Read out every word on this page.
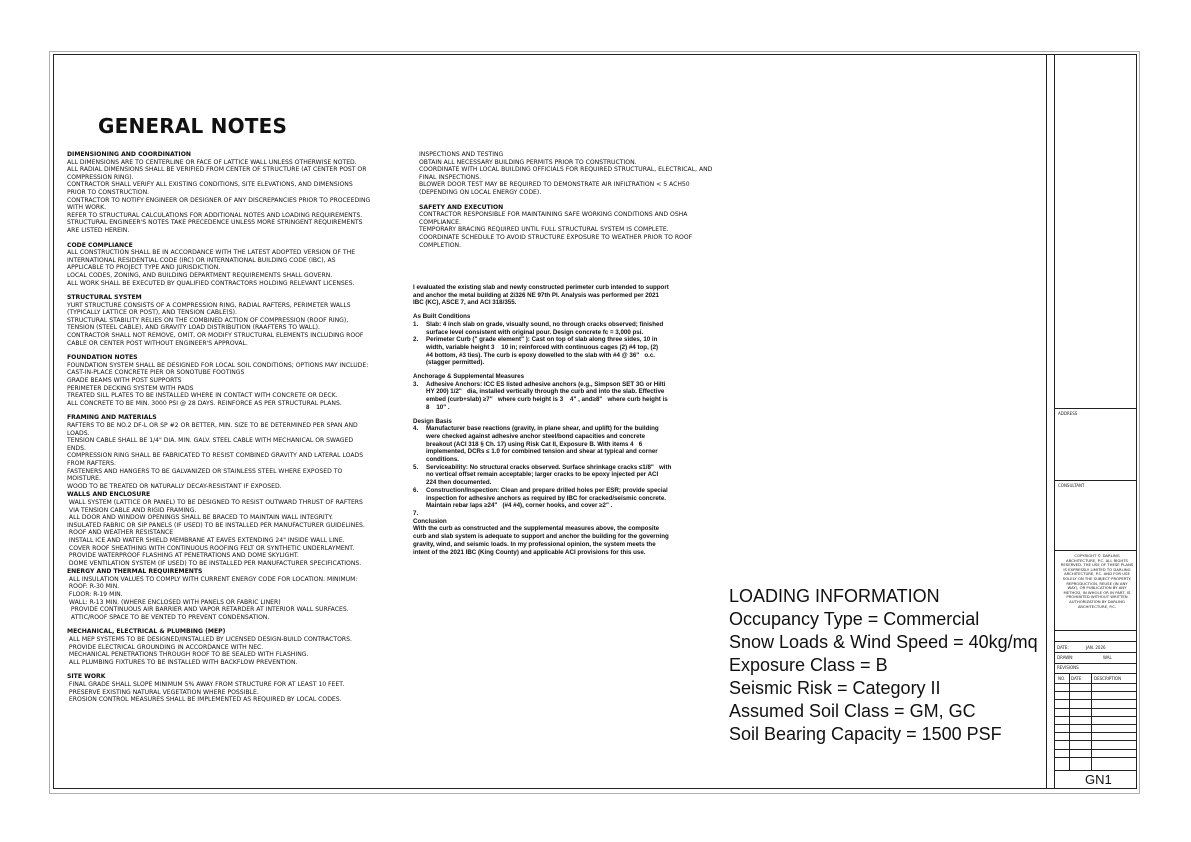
GENERAL NOTES
DIMENSIONING AND COORDINATION
ALL DIMENSIONS ARE TO CENTERLINE OR FACE OF LATTICE WALL UNLESS OTHERWISE NOTED.
ALL RADIAL DIMENSIONS SHALL BE VERIFIED FROM CENTER OF STRUCTURE (AT CENTER POST OR
COMPRESSION RING).
CONTRACTOR SHALL VERIFY ALL EXISTING CONDITIONS, SITE ELEVATIONS, AND DIMENSIONS
PRIOR TO CONSTRUCTION.
CONTRACTOR TO NOTIFY ENGINEER OR DESIGNER OF ANY DISCREPANCIES PRIOR TO PROCEEDING
WITH WORK.
REFER TO STRUCTURAL CALCULATIONS FOR ADDITIONAL NOTES AND LOADING REQUIREMENTS.
STRUCTURAL ENGINEER'S NOTES TAKE PRECEDENCE UNLESS MORE STRINGENT REQUIREMENTS
ARE LISTED HEREIN.
CODE COMPLIANCE
ALL CONSTRUCTION SHALL BE IN ACCORDANCE WITH THE LATEST ADOPTED VERSION OF THE
INTERNATIONAL RESIDENTIAL CODE (IRC) OR INTERNATIONAL BUILDING CODE (IBC), AS
APPLICABLE TO PROJECT TYPE AND JURISDICTION.
LOCAL CODES, ZONING, AND BUILDING DEPARTMENT REQUIREMENTS SHALL GOVERN.
ALL WORK SHALL BE EXECUTED BY QUALIFIED CONTRACTORS HOLDING RELEVANT LICENSES.
STRUCTURAL SYSTEM
YURT STRUCTURE CONSISTS OF A COMPRESSION RING, RADIAL RAFTERS, PERIMETER WALLS
(TYPICALLY LATTICE OR POST), AND TENSION CABLE(S).
STRUCTURAL STABILITY RELIES ON THE COMBINED ACTION OF COMPRESSION (ROOF RING),
TENSION (STEEL CABLE), AND GRAVITY LOAD DISTRIBUTION (RAAFTERS TO WALL).
CONTRACTOR SHALL NOT REMOVE, OMIT, OR MODIFY STRUCTURAL ELEMENTS INCLUDING ROOF
CABLE OR CENTER POST WITHOUT ENGINEER'S APPROVAL.
FOUNDATION NOTES
FOUNDATION SYSTEM SHALL BE DESIGNED FOR LOCAL SOIL CONDITIONS; OPTIONS MAY INCLUDE:
CAST-IN-PLACE CONCRETE PIER OR SONOTUBE FOOTINGS
GRADE BEAMS WITH POST SUPPORTS
PERIMETER DECKING SYSTEM WITH PADS
TREATED SILL PLATES TO BE INSTALLED WHERE IN CONTACT WITH CONCRETE OR DECK.
ALL CONCRETE TO BE MIN. 3000 PSI @ 28 DAYS. REINFORCE AS PER STRUCTURAL PLANS.
FRAMING AND MATERIALS
RAFTERS TO BE NO.2 DF-L OR SP #2 OR BETTER, MIN. SIZE TO BE DETERMINED PER SPAN AND
LOADS.
TENSION CABLE SHALL BE 1/4" DIA. MIN. GALV. STEEL CABLE WITH MECHANICAL OR SWAGED
ENDS.
COMPRESSION RING SHALL BE FABRICATED TO RESIST COMBINED GRAVITY AND LATERAL LOADS
FROM RAFTERS.
FASTENERS AND HANGERS TO BE GALVANIZED OR STAINLESS STEEL WHERE EXPOSED TO
MOISTURE.
WOOD TO BE TREATED OR NATURALLY DECAY-RESISTANT IF EXPOSED.
WALLS AND ENCLOSURE
WALL SYSTEM (LATTICE OR PANEL) TO BE DESIGNED TO RESIST OUTWARD THRUST OF RAFTERS
VIA TENSION CABLE AND RIGID FRAMING.
ALL DOOR AND WINDOW OPENINGS SHALL BE BRACED TO MAINTAIN WALL INTEGRITY.
INSULATED FABRIC OR SIP PANELS (IF USED) TO BE INSTALLED PER MANUFACTURER GUIDELINES.
ROOF AND WEATHER RESISTANCE
INSTALL ICE AND WATER SHIELD MEMBRANE AT EAVES EXTENDING 24" INSIDE WALL LINE.
COVER ROOF SHEATHING WITH CONTINUOUS ROOFING FELT OR SYNTHETIC UNDERLAYMENT.
PROVIDE WATERPROOF FLASHING AT PENETRATIONS AND DOME SKYLIGHT.
DOME VENTILATION SYSTEM (IF USED) TO BE INSTALLED PER MANUFACTURER SPECIFICATIONS.
ENERGY AND THERMAL REQUIREMENTS
ALL INSULATION VALUES TO COMPLY WITH CURRENT ENERGY CODE FOR LOCATION. MINIMUM:
ROOF: R-30 MIN.
FLOOR: R-19 MIN.
WALL: R-13 MIN. (WHERE ENCLOSED WITH PANELS OR FABRIC LINER)
PROVIDE CONTINUOUS AIR BARRIER AND VAPOR RETARDER AT INTERIOR WALL SURFACES.
ATTIC/ROOF SPACE TO BE VENTED TO PREVENT CONDENSATION.
MECHANICAL, ELECTRICAL & PLUMBING (MEP)
ALL MEP SYSTEMS TO BE DESIGNED/INSTALLED BY LICENSED DESIGN-BUILD CONTRACTORS.
PROVIDE ELECTRICAL GROUNDING IN ACCORDANCE WITH NEC.
MECHANICAL PENETRATIONS THROUGH ROOF TO BE SEALED WITH FLASHING.
ALL PLUMBING FIXTURES TO BE INSTALLED WITH BACKFLOW PREVENTION.
SITE WORK
FINAL GRADE SHALL SLOPE MINIMUM 5% AWAY FROM STRUCTURE FOR AT LEAST 10 FEET.
PRESERVE EXISTING NATURAL VEGETATION WHERE POSSIBLE.
EROSION CONTROL MEASURES SHALL BE IMPLEMENTED AS REQUIRED BY LOCAL CODES.
INSPECTIONS AND TESTING
OBTAIN ALL NECESSARY BUILDING PERMITS PRIOR TO CONSTRUCTION.
COORDINATE WITH LOCAL BUILDING OFFICIALS FOR REQUIRED STRUCTURAL, ELECTRICAL, AND
FINAL INSPECTIONS.
BLOWER DOOR TEST MAY BE REQUIRED TO DEMONSTRATE AIR INFILTRATION < 5 ACH50
(DEPENDING ON LOCAL ENERGY CODE).
SAFETY AND EXECUTION
CONTRACTOR RESPONSIBLE FOR MAINTAINING SAFE WORKING CONDITIONS AND OSHA
COMPLIANCE.
TEMPORARY BRACING REQUIRED UNTIL FULL STRUCTURAL SYSTEM IS COMPLETE.
COORDINATE SCHEDULE TO AVOID STRUCTURE EXPOSURE TO WEATHER PRIOR TO ROOF
COMPLETION.
I evaluated the existing slab and newly constructed perimeter curb intended to support
and anchor the metal building at 2i326 NE 97th Pl. Analysis was performed per 2021
IBC (KC), ASCE 7, and ACI 318/355.
As Built Conditions
1.	Slab: 4 inch slab on grade, visually sound, no through cracks observed; finished
surface level consistent with original pour. Design concrete fc = 3,000 psi.
2.	Perimeter Curb (" grade element" ): Cast on top of slab along three sides, 10 in
width, variable height 3    10 in; reinforced with continuous cages (2) #4 top, (2)
#4 bottom, #3 ties). The curb is epoxy dowelled to the slab with #4 @ 36"   o.c.
(stagger permitted).
Anchorage & Supplemental Measures
3.	Adhesive Anchors: ICC ES listed adhesive anchors (e.g., Simpson SET 3G or Hilti
HY 200) 1/2"   dia, installed vertically through the curb and into the slab. Effective
embed (curb+slab) ≥7"   where curb height is 3    4" , and≥8"   where curb height is
8    10" .
Design Basis
4.	Manufacturer base reactions (gravity, in plane shear, and uplift) for the building
were checked against adhesive anchor steel/bond capacities and concrete
breakout (ACI 318 § Ch. 17) using Risk Cat II, Exposure B. With items 4   6
implemented, DCRs ≤ 1.0 for combined tension and shear at typical and corner
conditions.
5.	Serviceability: No structural cracks observed. Surface shrinkage cracks ≤1/8"   with
no vertical offset remain acceptable; larger cracks to be epoxy injected per ACI
224 then documented.
6.	Construction/Inspection: Clean and prepare drilled holes per ESR; provide special
inspection for adhesive anchors as required by IBC for cracked/seismic concrete.
Maintain rebar laps ≥24"   (#4 #4), corner hooks, and cover ≥2" .
7.
Conclusion
With the curb as constructed and the supplemental measures above, the composite
curb and slab system is adequate to support and anchor the building for the governing
gravity, wind, and seismic loads. In my professional opinion, the system meets the
intent of the 2021 IBC (King County) and applicable ACI provisions for this use.
LOADING INFORMATION
Occupancy Type = Commercial
Snow Loads & Wind Speed = 40kg/mq
Exposure Class = B
Seismic Risk = Category II
Assumed Soil Class = GM, GC
Soil Bearing Capacity = 1500 PSF
ADDRESS
CONSULTANT
COPYRIGHT © DARLING
ARCHITECTURE, P.C. ALL RIGHTS
RESERVED. THE USE OF THESE PLANS
IS EXPRESSLY LIMITED TO DARLING
ARCHITECTURE, P.C. AND FOR USE
SOLELY ON THE SUBJECT PROPERTY.
REPRODUCTION, REUSE (IN ANY
WAY), OR PUBLICATION BY ANY
METHOD, IN WHOLE OR IN PART, IS
PROHIBITED WITHOUT WRITTEN
AUTHORIZATION BY DARLING
ARCHITECTURE, P.C.
DATE:	JAN. 2026
DRAWN:	WAL
REVISIONS
NO. DATE	DESCRIPTION
GN1
